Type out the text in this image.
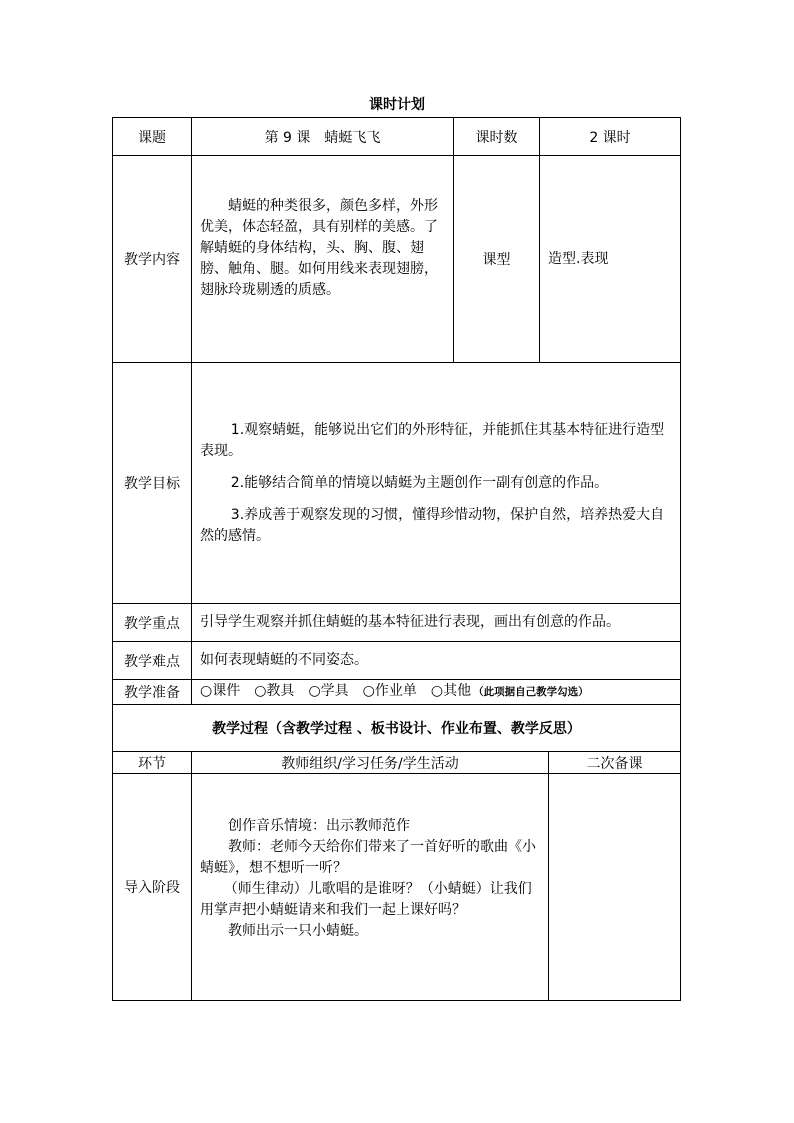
课时计划
课题	第 9 课　蜻蜓飞飞	课时数	2 课时	
教学内容	蜻蜓的种类很多，颜色多样，外形优美，体态轻盈，具有别样的美感。了解蜻蜓的身体结构，头、胸、腹、翅膀、触角、腿。如何用线来表现翅膀，翅脉玲珑剔透的质感。	课型	造型.表现	
教学目标	1.观察蜻蜓，能够说出它们的外形特征，并能抓住其基本特征进行造型表现。

2.能够结合简单的情境以蜻蜓为主题创作一副有创意的作品。

3.养成善于观察发现的习惯，懂得珍惜动物，保护自然，培养热爱大自然的感情。			

教学重点	引导学生观察并抓住蜻蜓的基本特征进行表现，画出有创意的作品。			
教学难点	如何表现蜻蜓的不同姿态。			
教学准备	○课件 ○教具 ○学具 ○作业单 ○其他 （此项据自己教学勾选）			
教学过程（含教学过程 、板书设计、作业布置、教学反思）				
环节	教师组织/学习任务/学生活动			二次备课
导入阶段	创作音乐情境：出示教师范作

教师：老师今天给你们带来了一首好听的歌曲《小蜻蜓》，想不想听一听？

（师生律动）儿歌唱的是谁呀？（小蜻蜓）让我们用掌声把小蜻蜓请来和我们一起上课好吗？

教师出示一只小蜻蜓。			
